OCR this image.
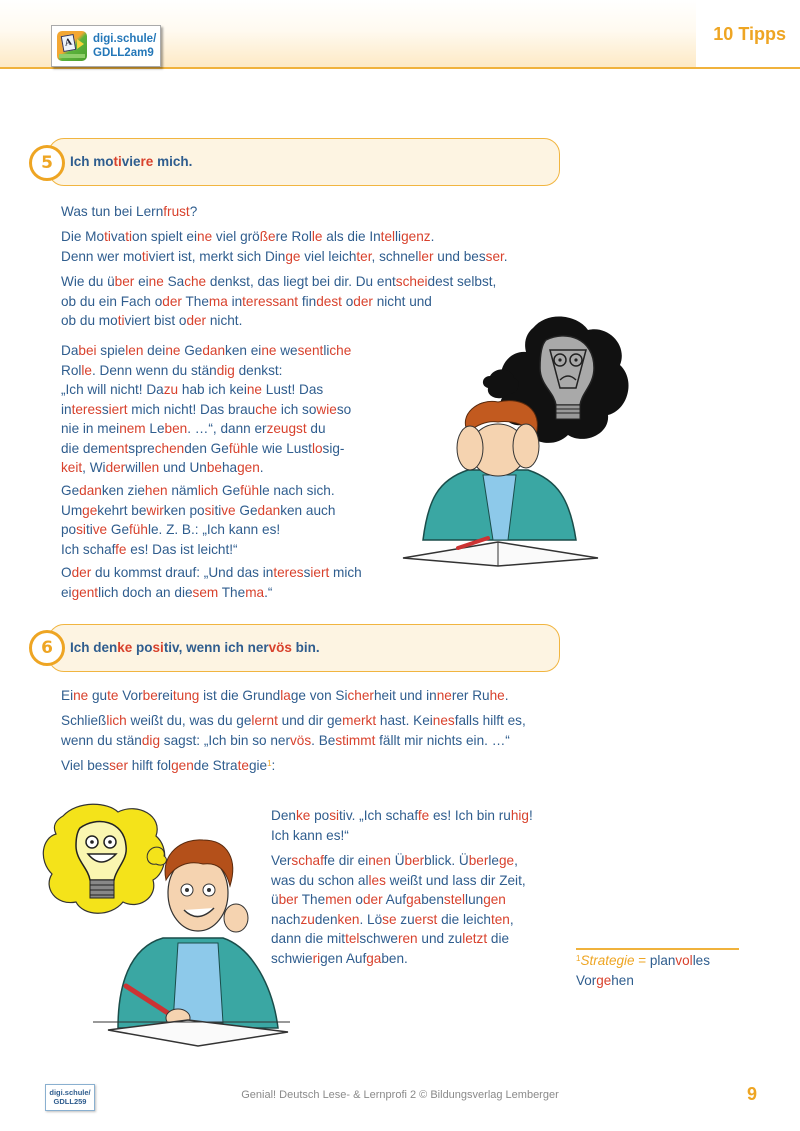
A	digi.schule/
GDLL2am9
10 Tipps
5	Ich motiviere mich.
Was tun bei Lernfrust?
Die Motivation spielt eine viel größere Rolle als die Intelligenz.
Denn wer motiviert ist, merkt sich Dinge viel leichter, schneller und besser.
Wie du über eine Sache denkst, das liegt bei dir. Du entscheidest selbst,
ob du ein Fach oder Thema interessant findest oder nicht und
ob du motiviert bist oder nicht.
Dabei spielen deine Gedanken eine wesentliche
Rolle. Denn wenn du ständig denkst:
„Ich will nicht! Dazu hab ich keine Lust! Das
interessiert mich nicht! Das brauche ich sowieso
nie in meinem Leben. …“, dann erzeugst du
die dementsprechenden Gefühle wie Lustlosig-
keit, Widerwillen und Unbehagen.
Gedanken ziehen nämlich Gefühle nach sich.
Umgekehrt bewirken positive Gedanken auch
positive Gefühle. Z. B.: „Ich kann es!
Ich schaffe es! Das ist leicht!“
Oder du kommst drauf: „Und das interessiert mich
eigentlich doch an diesem Thema.“
6	Ich denke positiv, wenn ich nervös bin.
Eine gute Vorbereitung ist die Grundlage von Sicherheit und innerer Ruhe.
Schließlich weißt du, was du gelernt und dir gemerkt hast. Keinesfalls hilft es,
wenn du ständig sagst: „Ich bin so nervös. Bestimmt fällt mir nichts ein. …“
Viel besser hilft folgende Strategie$^1$:
Denke positiv. „Ich schaffe es! Ich bin ruhig!
Ich kann es!“
Verschaffe dir einen Überblick. Überlege,
was du schon alles weißt und lass dir Zeit,
über Themen oder Aufgabenstellungen
nachzudenken. Löse zuerst die leichten,
dann die mittelschweren und zuletzt die
schwierigen Aufgaben.	$^1$Strategie = planvolles
Vorgehen
digi.schule/
GDLL259
Genial! Deutsch Lese- & Lernprofi 2 © Bildungsverlag Lemberger	9
